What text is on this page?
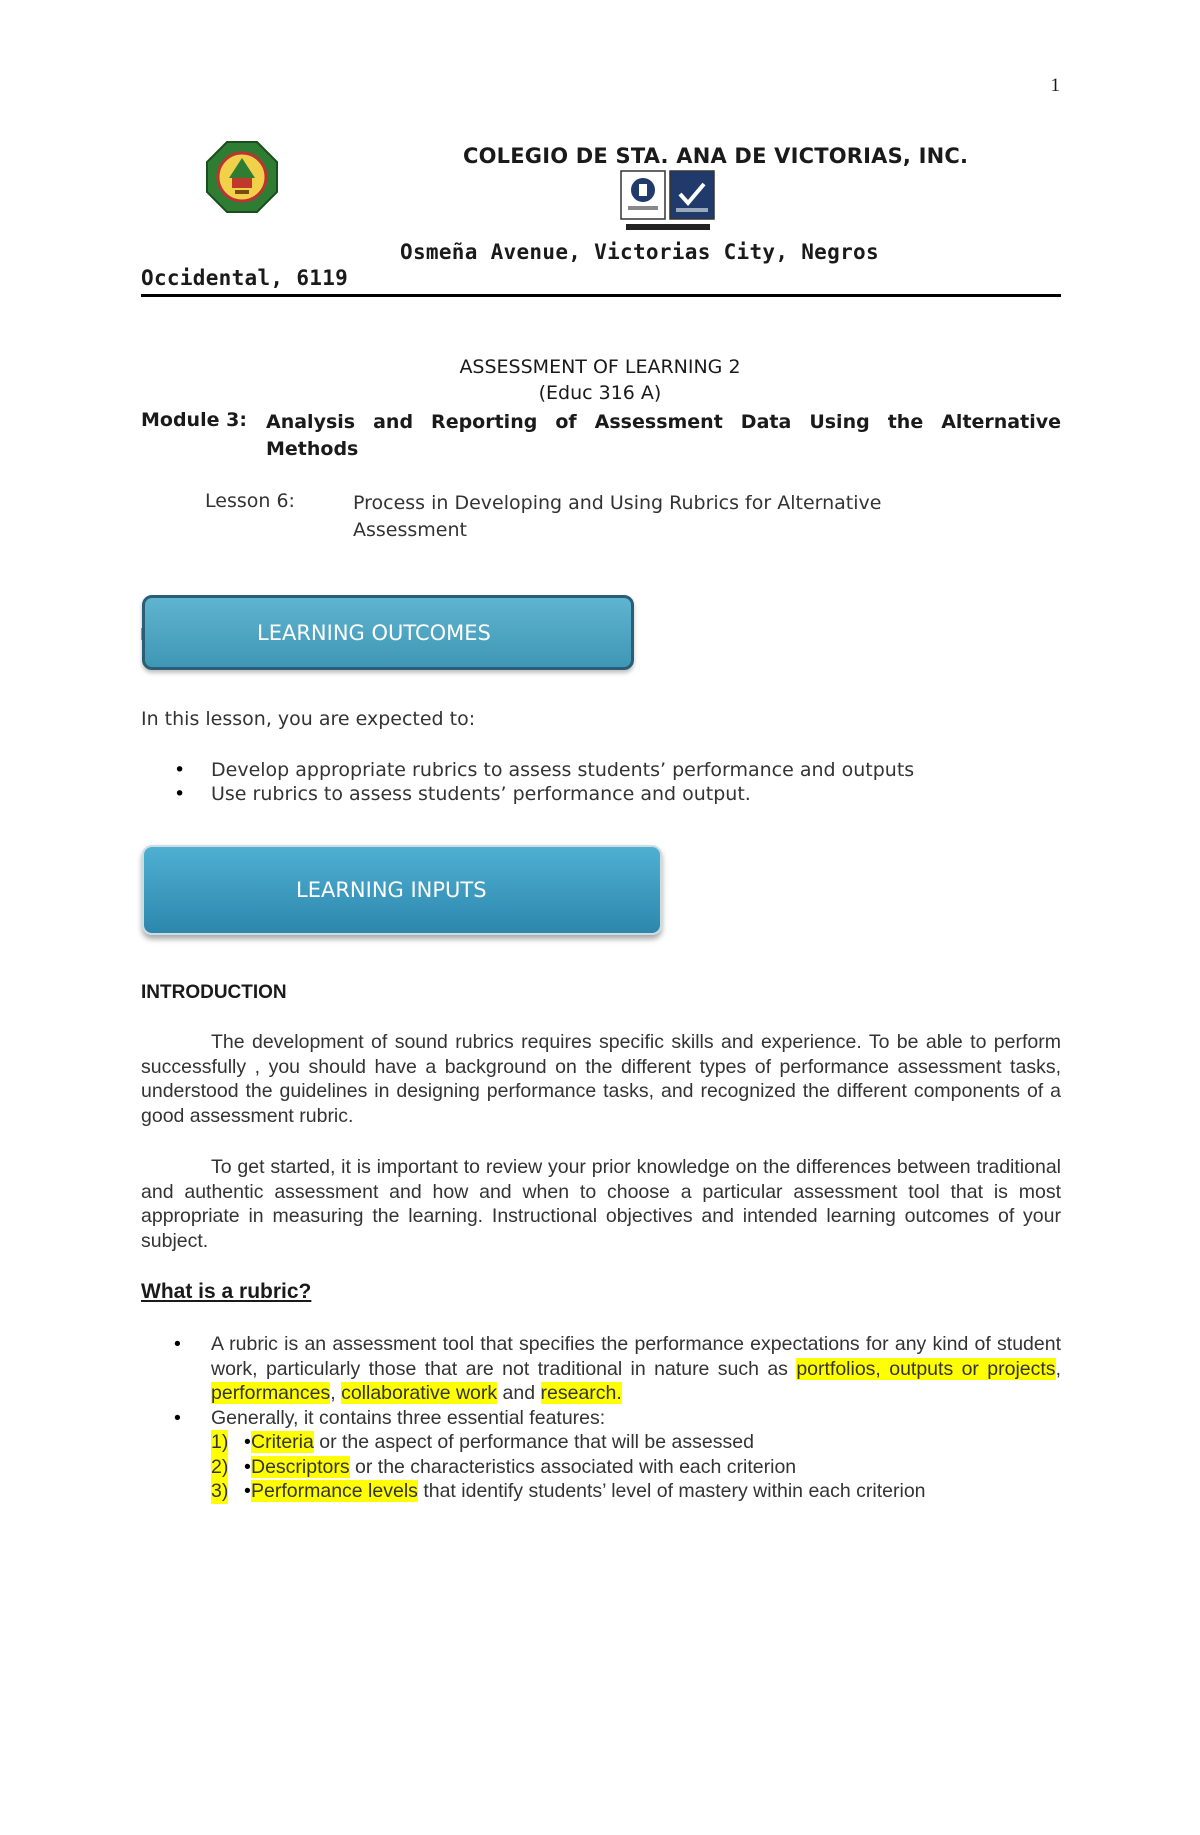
1
COLEGIO DE STA. ANA DE VICTORIAS, INC.
Osmeña Avenue, Victorias City, Negros
Occidental, 6119
ASSESSMENT OF LEARNING 2
(Educ 316 A)
Module 3: Analysis and Reporting of Assessment Data Using the Alternative Methods
Lesson 6:	Process in Developing and Using Rubrics for Alternative Assessment
LEARNING OUTCOMES
In this lesson, you are expected to:
• Develop appropriate rubrics to assess students’ performance and outputs
• Use rubrics to assess students’ performance and output.
LEARNING INPUTS
INTRODUCTION
The development of sound rubrics requires specific skills and experience. To be able to perform successfully , you should have a background on the different types of performance assessment tasks, understood the guidelines in designing performance tasks, and recognized the different components of a good assessment rubric.
To get started, it is important to review your prior knowledge on the differences between traditional and authentic assessment and how and when to choose a particular assessment tool that is most appropriate in measuring the learning. Instructional objectives and intended learning outcomes of your subject.
What is a rubric?
• A rubric is an assessment tool that specifies the performance expectations for any kind of student work, particularly those that are not traditional in nature such as portfolios, outputs or projects, performances, collaborative work and research.
• Generally, it contains three essential features:
• 1) Criteria or the aspect of performance that will be assessed
• 2) Descriptors or the characteristics associated with each criterion
• 3) Performance levels that identify students’ level of mastery within each criterion
